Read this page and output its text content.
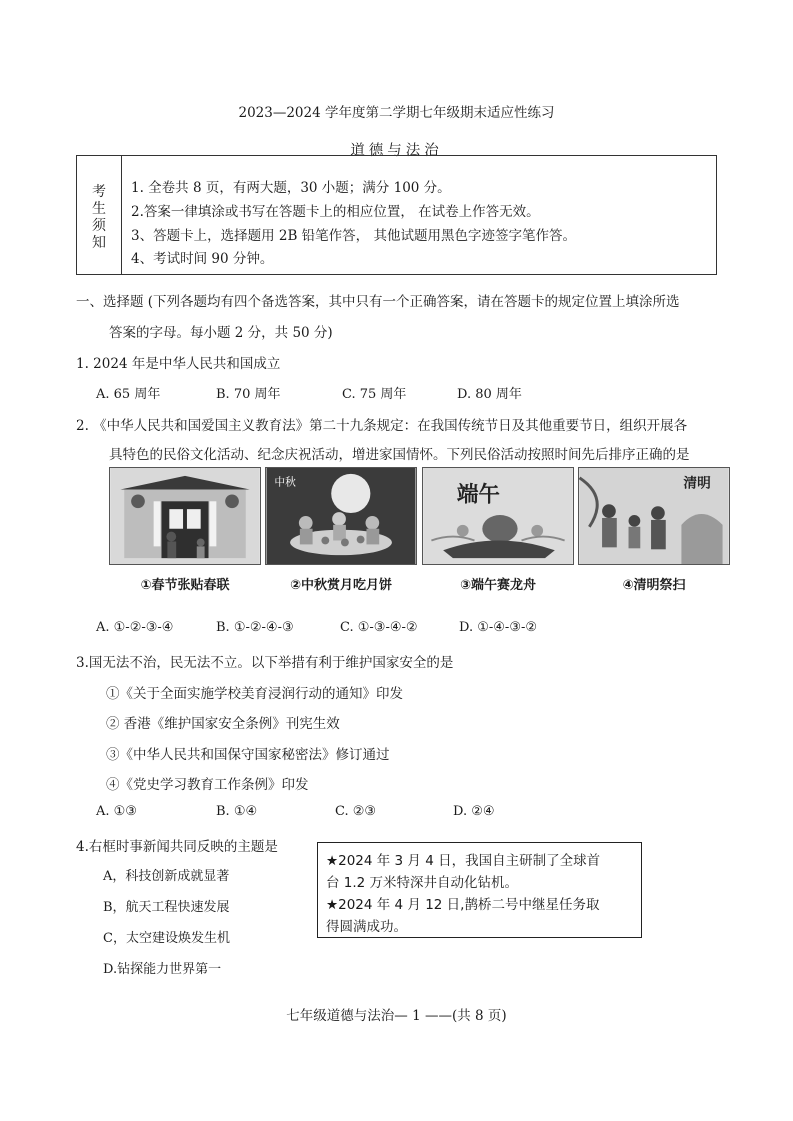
2023—2024 学年度第二学期七年级期末适应性练习
道德与法治
考生须知
1. 全卷共 8 页，有两大题，30 小题；满分 100 分。
2.答案一律填涂或书写在答题卡上的相应位置， 在试卷上作答无效。
3、答题卡上，选择题用 2B 铅笔作答， 其他试题用黑色字迹签字笔作答。
4、考试时间 90 分钟。
一、选择题 (下列各题均有四个备选答案，其中只有一个正确答案，请在答题卡的规定位置上填涂所选
答案的字母。每小题 2 分，共 50 分)
1. 2024 年是中华人民共和国成立
A. 65 周年	B. 70 周年	C. 75 周年	D. 80 周年
2. 《中华人民共和国爱国主义教育法》第二十九条规定：在我国传统节日及其他重要节日，组织开展各
具特色的民俗文化活动、纪念庆祝活动，增进家国情怀。下列民俗活动按照时间先后排序正确的是
中秋
端午	清明
①春节张贴春联	②中秋赏月吃月饼	③端午赛龙舟	④清明祭扫
A. ①-②-③-④	B. ①-②-④-③	C. ①-③-④-②	D. ①-④-③-②
3.国无法不治，民无法不立。以下举措有利于维护国家安全的是
①《关于全面实施学校美育浸润行动的通知》印发
② 香港《维护国家安全条例》刊宪生效
③《中华人民共和国保守国家秘密法》修订通过
④《党史学习教育工作条例》印发
A. ①③	B. ①④	C. ②③	D. ②④
4.右框时事新闻共同反映的主题是
A，科技创新成就显著
B，航天工程快速发展
C，太空建设焕发生机
D.钻探能力世界第一
★2024 年 3 月 4 日，我国自主研制了全球首
台 1.2 万米特深井自动化钻机。
★2024 年 4 月 12 日,鹊桥二号中继星任务取
得圆满成功。
七年级道德与法治— 1 ——(共 8 页)
